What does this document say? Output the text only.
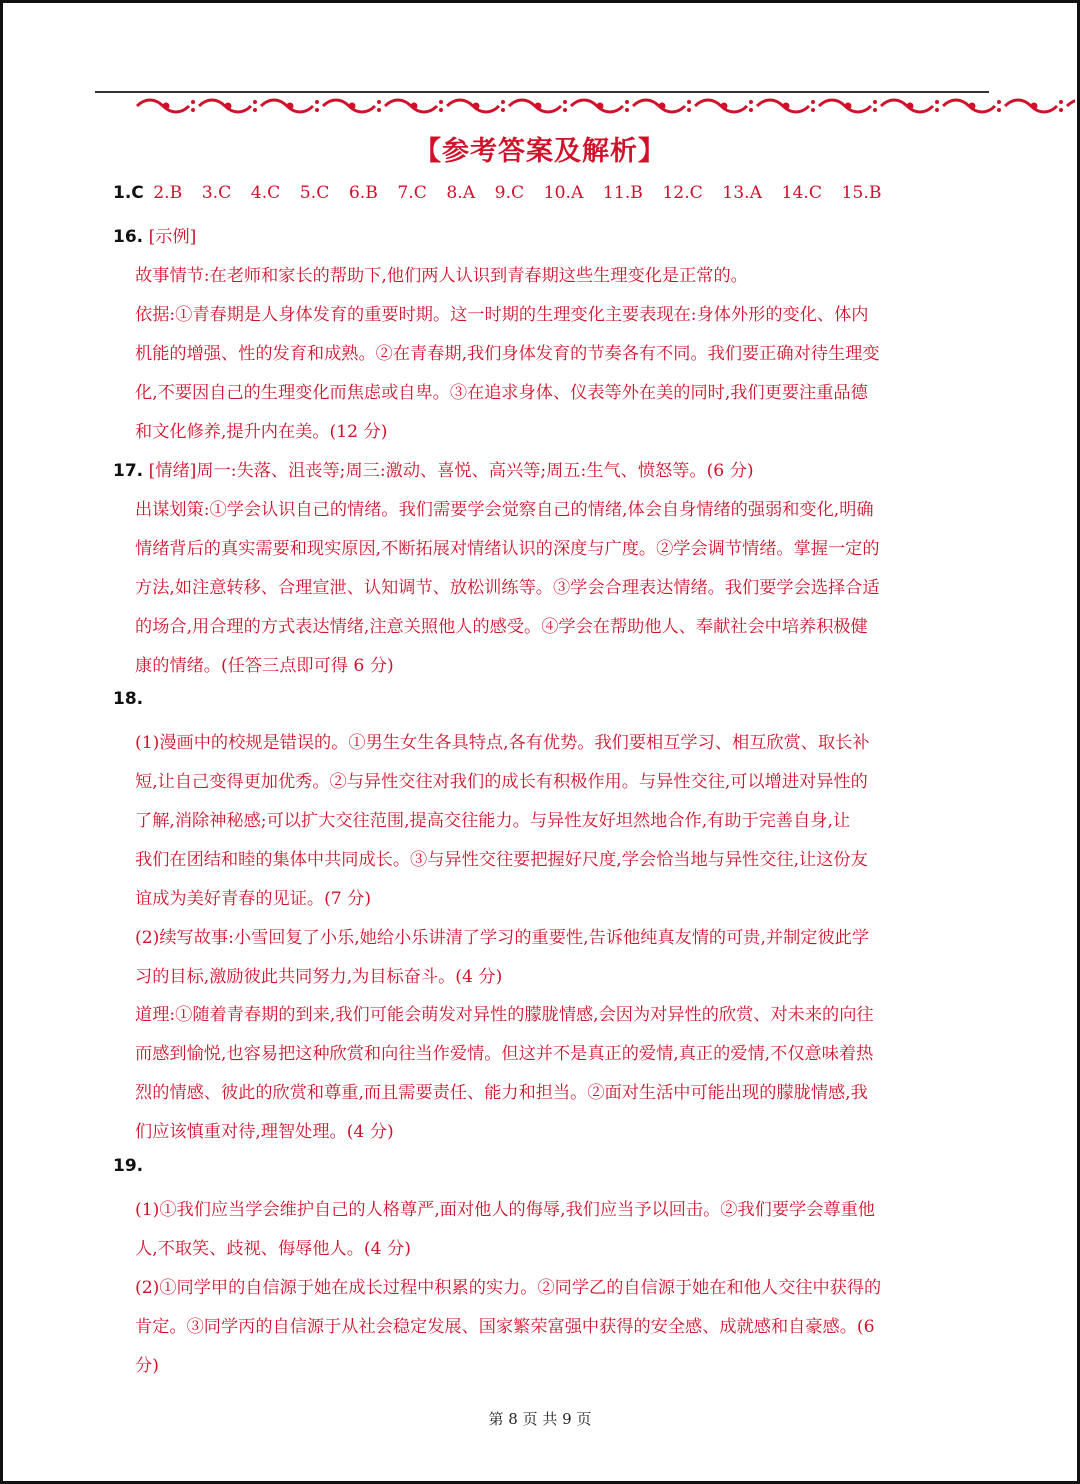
【参考答案及解析】
1.C 2.B 3.C 4.C 5.C 6.B 7.C 8.A 9.C 10.A 11.B 12.C 13.A 14.C 15.B
16. [示例]
故事情节:在老师和家长的帮助下,他们两人认识到青春期这些生理变化是正常的。
依据:①青春期是人身体发育的重要时期。这一时期的生理变化主要表现在:身体外形的变化、体内
机能的增强、性的发育和成熟。②在青春期,我们身体发育的节奏各有不同。我们要正确对待生理变
化,不要因自己的生理变化而焦虑或自卑。③在追求身体、仪表等外在美的同时,我们更要注重品德
和文化修养,提升内在美。(12 分)
17. [情绪]周一:失落、沮丧等;周三:激动、喜悦、高兴等;周五:生气、愤怒等。(6 分)
出谋划策:①学会认识自己的情绪。我们需要学会觉察自己的情绪,体会自身情绪的强弱和变化,明确
情绪背后的真实需要和现实原因,不断拓展对情绪认识的深度与广度。②学会调节情绪。掌握一定的
方法,如注意转移、合理宣泄、认知调节、放松训练等。③学会合理表达情绪。我们要学会选择合适
的场合,用合理的方式表达情绪,注意关照他人的感受。④学会在帮助他人、奉献社会中培养积极健
康的情绪。(任答三点即可得 6 分)
18.
(1)漫画中的校规是错误的。①男生女生各具特点,各有优势。我们要相互学习、相互欣赏、取长补
短,让自己变得更加优秀。②与异性交往对我们的成长有积极作用。与异性交往,可以增进对异性的
了解,消除神秘感;可以扩大交往范围,提高交往能力。与异性友好坦然地合作,有助于完善自身,让
我们在团结和睦的集体中共同成长。③与异性交往要把握好尺度,学会恰当地与异性交往,让这份友
谊成为美好青春的见证。(7 分)
(2)续写故事:小雪回复了小乐,她给小乐讲清了学习的重要性,告诉他纯真友情的可贵,并制定彼此学
习的目标,激励彼此共同努力,为目标奋斗。(4 分)
道理:①随着青春期的到来,我们可能会萌发对异性的朦胧情感,会因为对异性的欣赏、对未来的向往
而感到愉悦,也容易把这种欣赏和向往当作爱情。但这并不是真正的爱情,真正的爱情,不仅意味着热
烈的情感、彼此的欣赏和尊重,而且需要责任、能力和担当。②面对生活中可能出现的朦胧情感,我
们应该慎重对待,理智处理。(4 分)
19.
(1)①我们应当学会维护自己的人格尊严,面对他人的侮辱,我们应当予以回击。②我们要学会尊重他
人,不取笑、歧视、侮辱他人。(4 分)
(2)①同学甲的自信源于她在成长过程中积累的实力。②同学乙的自信源于她在和他人交往中获得的
肯定。③同学丙的自信源于从社会稳定发展、国家繁荣富强中获得的安全感、成就感和自豪感。(6
分)
第 8 页 共 9 页
